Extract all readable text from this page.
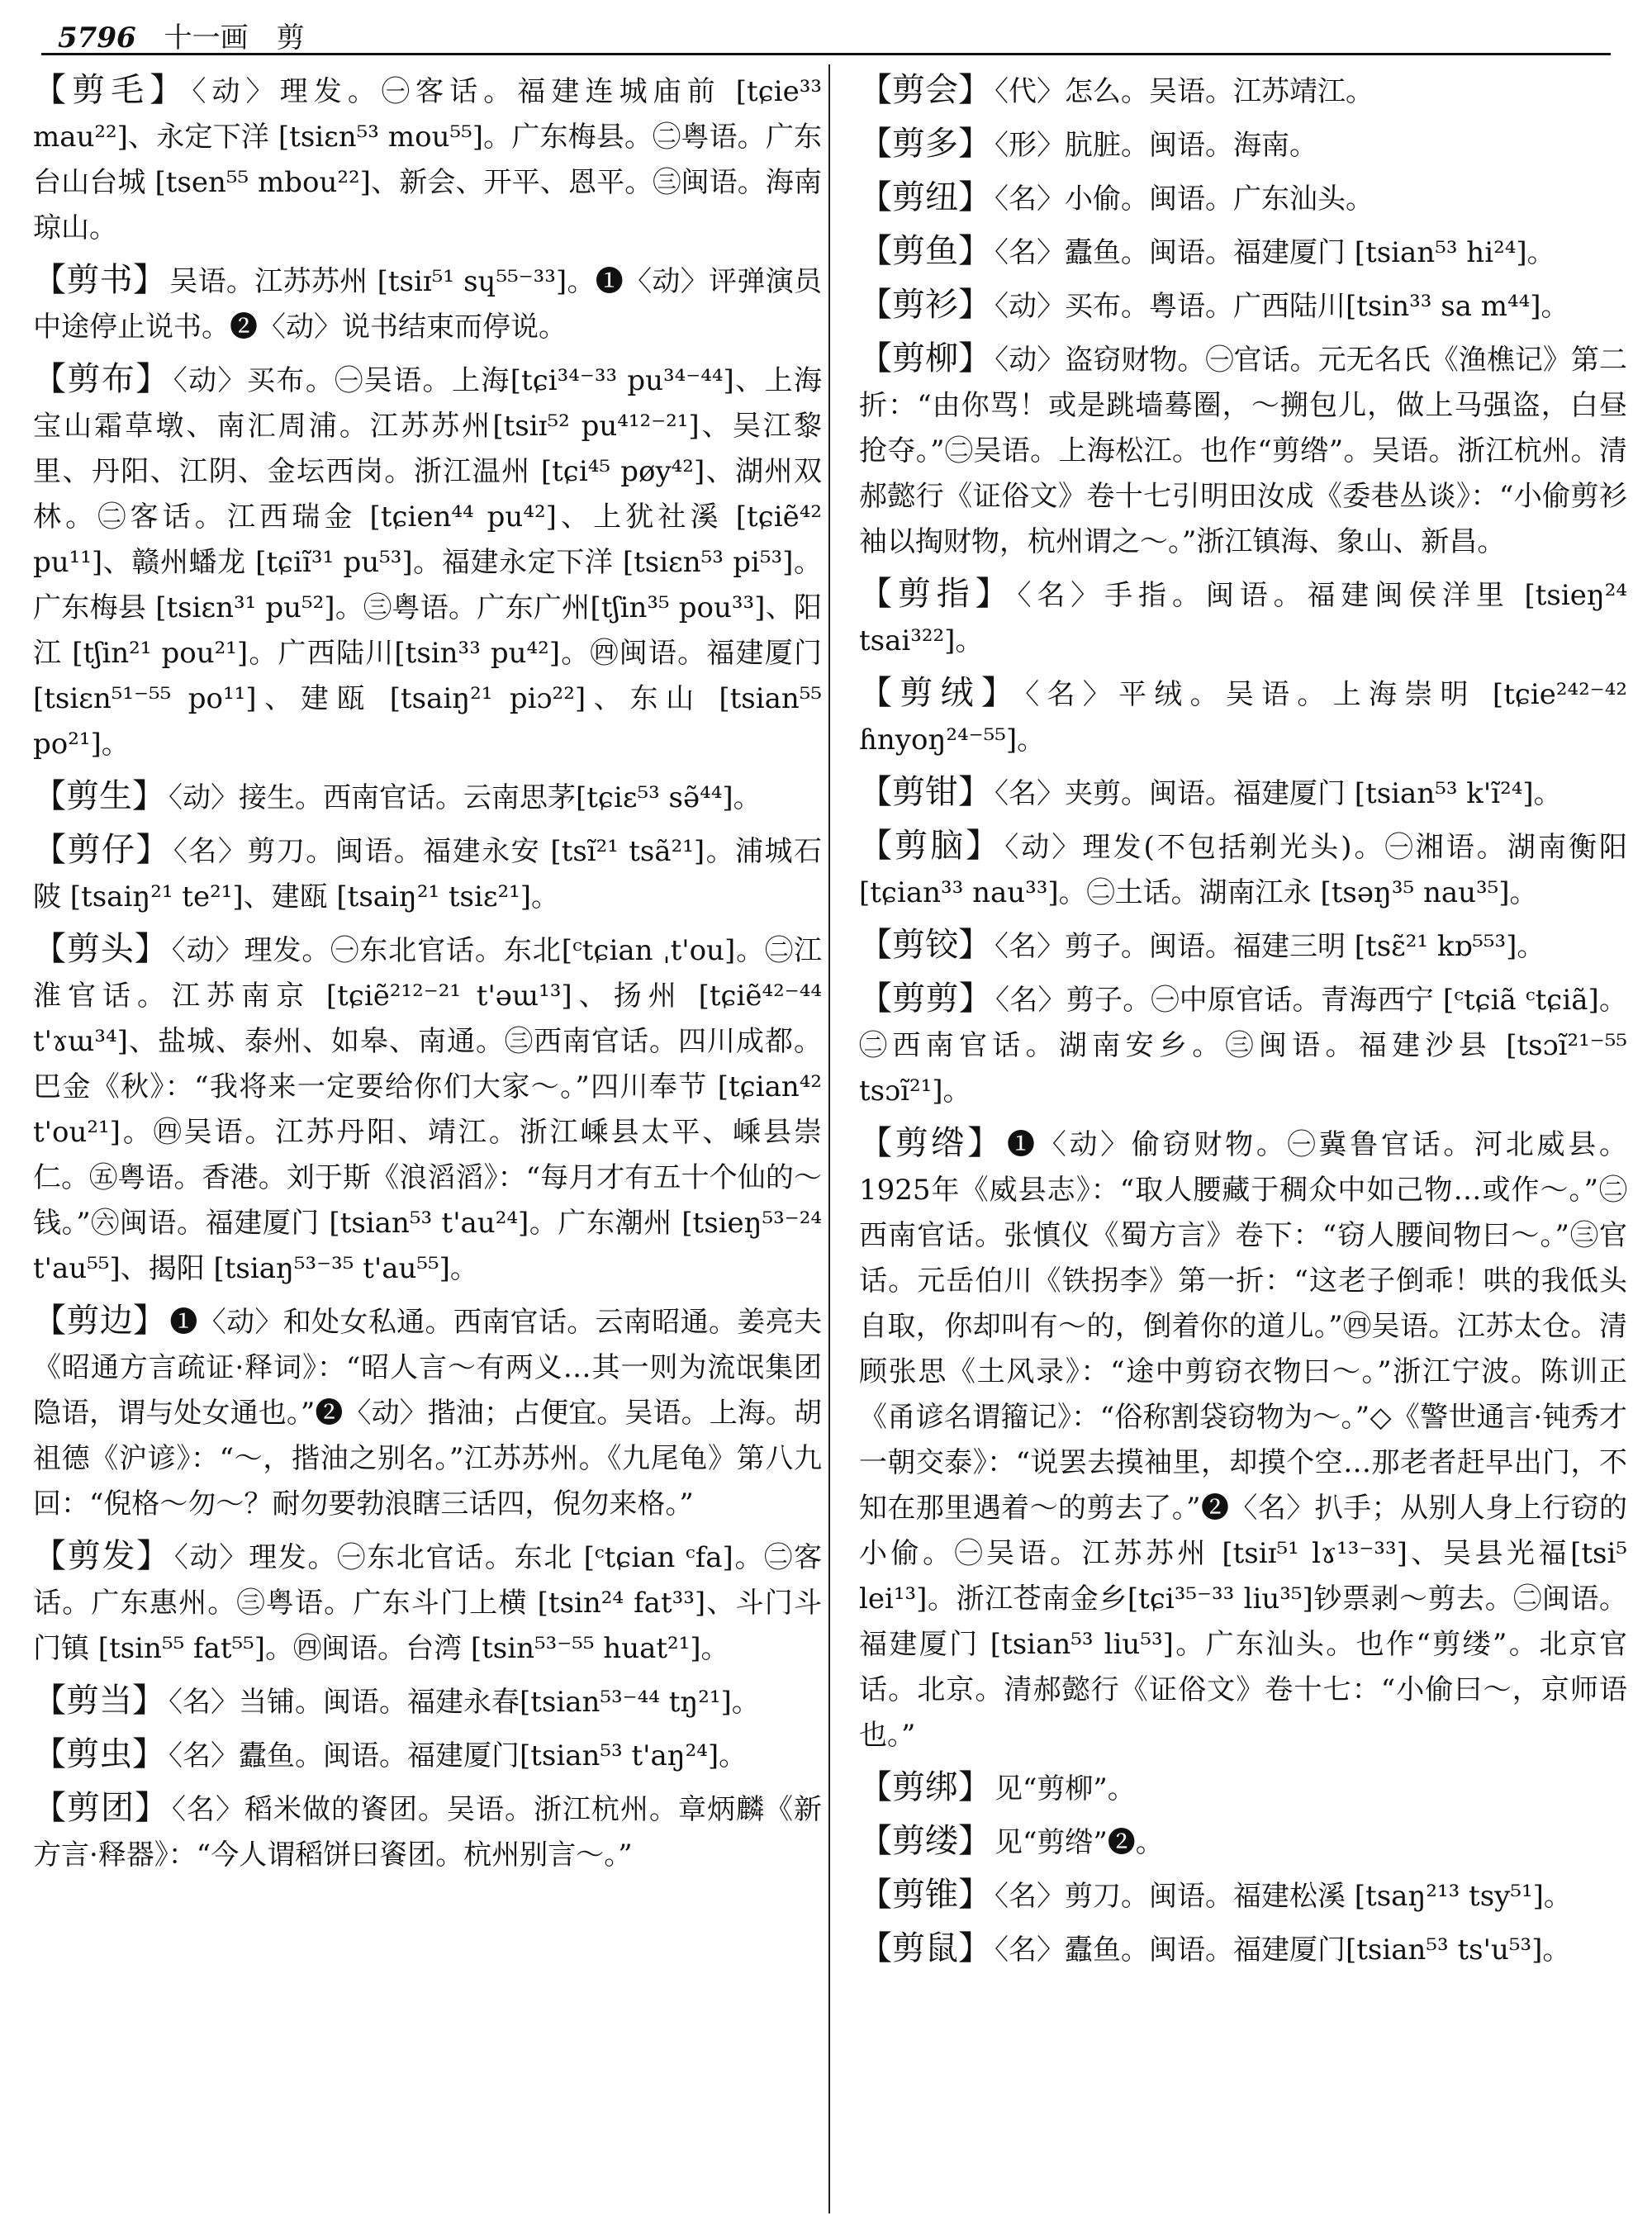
5796 十一画 剪
【剪毛】 〈动〉理发。㊀客话。福建连城庙前 [tɕie³³ mau²²]、永定下洋 [tsiɛn⁵³ mou⁵⁵]。广东梅县。㊁粤语。广东台山台城 [tsen⁵⁵ mbou²²]、新会、开平、恩平。㊂闽语。海南琼山。
【剪书】 吴语。江苏苏州 [tsiɪ⁵¹ sɥ⁵⁵⁻³³]。❶〈动〉评弹演员中途停止说书。❷〈动〉说书结束而停说。
【剪布】 〈动〉买布。㊀吴语。上海[tɕi³⁴⁻³³ pu³⁴⁻⁴⁴]、上海宝山霜草墩、南汇周浦。江苏苏州[tsiɪ⁵² pu⁴¹²⁻²¹]、吴江黎里、丹阳、江阴、金坛西岗。浙江温州 [tɕi⁴⁵ pøy⁴²]、湖州双林。㊁客话。江西瑞金 [tɕien⁴⁴ pu⁴²]、上犹社溪 [tɕiẽ⁴² pu¹¹]、赣州蟠龙 [tɕiĩ³¹ pu⁵³]。福建永定下洋 [tsiɛn⁵³ pi⁵³]。广东梅县 [tsiɛn³¹ pu⁵²]。㊂粤语。广东广州[tʃin³⁵ pou³³]、阳江 [tʃin²¹ pou²¹]。广西陆川[tsin³³ pu⁴²]。㊃闽语。福建厦门 [tsiɛn⁵¹⁻⁵⁵ po¹¹]、建瓯 [tsaiŋ²¹ piɔ²²]、东山 [tsian⁵⁵ po²¹]。
【剪生】 〈动〉接生。西南官话。云南思茅[tɕiɛ⁵³ sə̃⁴⁴]。
【剪仔】 〈名〉剪刀。闽语。福建永安 [tsĩ²¹ tsã²¹]。浦城石陂 [tsaiŋ²¹ te²¹]、建瓯 [tsaiŋ²¹ tsiɛ²¹]。
【剪头】 〈动〉理发。㊀东北官话。东北[ᶜtɕian ˌt'ou]。㊁江淮官话。江苏南京 [tɕiẽ²¹²⁻²¹ t'əɯ¹³]、扬州 [tɕiẽ⁴²⁻⁴⁴ t'ɤɯ³⁴]、盐城、泰州、如皋、南通。㊂西南官话。四川成都。巴金《秋》：“我将来一定要给你们大家～。”四川奉节 [tɕian⁴² t'ou²¹]。㊃吴语。江苏丹阳、靖江。浙江嵊县太平、嵊县崇仁。㊄粤语。香港。刘于斯《浪滔滔》：“每月才有五十个仙的～钱。”㊅闽语。福建厦门 [tsian⁵³ t'au²⁴]。广东潮州 [tsieŋ⁵³⁻²⁴ t'au⁵⁵]、揭阳 [tsiaŋ⁵³⁻³⁵ t'au⁵⁵]。
【剪边】 ❶〈动〉和处女私通。西南官话。云南昭通。姜亮夫《昭通方言疏证·释词》：“昭人言～有两义…其一则为流氓集团隐语，谓与处女通也。”❷〈动〉揩油；占便宜。吴语。上海。胡祖德《沪谚》：“～，揩油之别名。”江苏苏州。《九尾龟》第八九回：“倪格～勿～？耐勿要勃浪瞎三话四，倪勿来格。”
【剪发】 〈动〉理发。㊀东北官话。东北 [ᶜtɕian ᶜfa]。㊁客话。广东惠州。㊂粤语。广东斗门上横 [tsin²⁴ fat³³]、斗门斗门镇 [tsin⁵⁵ fat⁵⁵]。㊃闽语。台湾 [tsin⁵³⁻⁵⁵ huat²¹]。
【剪当】 〈名〉当铺。闽语。福建永春[tsian⁵³⁻⁴⁴ tŋ²¹]。
【剪虫】 〈名〉蠹鱼。闽语。福建厦门[tsian⁵³ t'aŋ²⁴]。
【剪团】 〈名〉稻米做的餈团。吴语。浙江杭州。章炳麟《新方言·释器》：“今人谓稻饼曰餈团。杭州别言～。”
【剪会】 〈代〉怎么。吴语。江苏靖江。
【剪多】 〈形〉肮脏。闽语。海南。
【剪纽】 〈名〉小偷。闽语。广东汕头。
【剪鱼】 〈名〉蠹鱼。闽语。福建厦门 [tsian⁵³ hi²⁴]。
【剪衫】 〈动〉买布。粤语。广西陆川[tsin³³ sa m⁴⁴]。
【剪柳】 〈动〉盗窃财物。㊀官话。元无名氏《渔樵记》第二折：“由你骂！或是跳墙蓦圈，～搠包儿，做上马强盗，白昼抢夺。”㊁吴语。上海松江。也作“剪绺”。吴语。浙江杭州。清郝懿行《证俗文》卷十七引明田汝成《委巷丛谈》：“小偷剪衫袖以掏财物，杭州谓之～。”浙江镇海、象山、新昌。
【剪指】 〈名〉手指。闽语。福建闽侯洋里 [tsieŋ²⁴ tsai³²²]。
【剪绒】 〈名〉平绒。吴语。上海崇明 [tɕie²⁴²⁻⁴² ɦnyoŋ²⁴⁻⁵⁵]。
【剪钳】 〈名〉夹剪。闽语。福建厦门 [tsian⁵³ k'ĩ²⁴]。
【剪脑】 〈动〉理发(不包括剃光头)。㊀湘语。湖南衡阳 [tɕian³³ nau³³]。㊁土话。湖南江永 [tsəŋ³⁵ nau³⁵]。
【剪铰】 〈名〉剪子。闽语。福建三明 [tsɛ̃²¹ kɒ⁵⁵³]。
【剪剪】 〈名〉剪子。㊀中原官话。青海西宁 [ᶜtɕiã ᶜtɕiã]。㊁西南官话。湖南安乡。㊂闽语。福建沙县 [tsɔĩ²¹⁻⁵⁵ tsɔĩ²¹]。
【剪绺】 ❶〈动〉偷窃财物。㊀冀鲁官话。河北威县。1925年《威县志》：“取人腰藏于稠众中如己物…或作～。”㊁西南官话。张慎仪《蜀方言》卷下：“窃人腰间物曰～。”㊂官话。元岳伯川《铁拐李》第一折：“这老子倒乖！哄的我低头自取，你却叫有～的，倒着你的道儿。”㊃吴语。江苏太仓。清顾张思《土风录》：“途中剪窃衣物曰～。”浙江宁波。陈训正《甬谚名谓籀记》：“俗称割袋窃物为～。”◇《警世通言·钝秀才一朝交泰》：“说罢去摸袖里，却摸个空…那老者赶早出门，不知在那里遇着～的剪去了。”❷〈名〉扒手；从别人身上行窃的小偷。㊀吴语。江苏苏州 [tsiɪ⁵¹ lɤ¹³⁻³³]、吴县光福[tsi⁵ lei¹³]。浙江苍南金乡[tɕi³⁵⁻³³ liu³⁵]钞票剥～剪去。㊁闽语。福建厦门 [tsian⁵³ liu⁵³]。广东汕头。也作“剪缕”。北京官话。北京。清郝懿行《证俗文》卷十七：“小偷曰～，京师语也。”
【剪绑】 见“剪柳”。
【剪缕】 见“剪绺”❷。
【剪锥】 〈名〉剪刀。闽语。福建松溪 [tsaŋ²¹³ tsy⁵¹]。
【剪鼠】 〈名〉蠹鱼。闽语。福建厦门[tsian⁵³ ts'u⁵³]。
